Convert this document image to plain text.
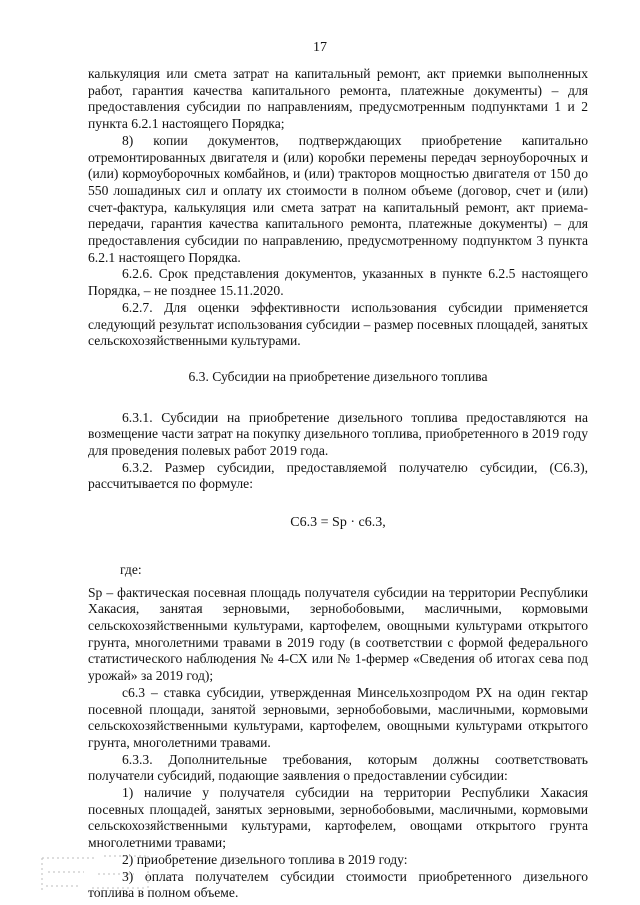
17

калькуляция или смета затрат на капитальный ремонт, акт приемки выполненных работ, гарантия качества капитального ремонта, платежные документы) – для предоставления субсидии по направлениям, предусмотренным подпунктами 1 и 2 пункта 6.2.1 настоящего Порядка;

8) копии документов, подтверждающих приобретение капитально отремонтированных двигателя и (или) коробки перемены передач зерноуборочных и (или) кормоуборочных комбайнов, и (или) тракторов мощностью двигателя от 150 до 550 лошадиных сил и оплату их стоимости в полном объеме (договор, счет и (или) счет-фактура, калькуляция или смета затрат на капитальный ремонт, акт приема-передачи, гарантия качества капитального ремонта, платежные документы) – для предоставления субсидии по направлению, предусмотренному подпунктом 3 пункта 6.2.1 настоящего Порядка.

6.2.6. Срок представления документов, указанных в пункте 6.2.5 настоящего Порядка, – не позднее 15.11.2020.

6.2.7. Для оценки эффективности использования субсидии применяется следующий результат использования субсидии – размер посевных площадей, занятых сельскохозяйственными культурами.

6.3. Субсидии на приобретение дизельного топлива

6.3.1. Субсидии на приобретение дизельного топлива предоставляются на возмещение части затрат на покупку дизельного топлива, приобретенного в 2019 году для проведения полевых работ 2019 года.

6.3.2. Размер субсидии, предоставляемой получателю субсидии, (С6.3), рассчитывается по формуле:

С6.3 = Sp · c6.3,

где:

Sp – фактическая посевная площадь получателя субсидии на территории Республики Хакасия, занятая зерновыми, зернобобовыми, масличными, кормовыми сельскохозяйственными культурами, картофелем, овощными культурами открытого грунта, многолетними травами в 2019 году (в соответствии с формой федерального статистического наблюдения № 4-СХ или № 1-фермер «Сведения об итогах сева под урожай» за 2019 год);

c6.3 – ставка субсидии, утвержденная Минсельхозпродом РХ на один гектар посевной площади, занятой зерновыми, зернобобовыми, масличными, кормовыми сельскохозяйственными культурами, картофелем, овощными культурами открытого грунта, многолетними травами.

6.3.3. Дополнительные требования, которым должны соответствовать получатели субсидий, подающие заявления о предоставлении субсидии:

1) наличие у получателя субсидии на территории Республики Хакасия посевных площадей, занятых зерновыми, зернобобовыми, масличными, кормовыми сельскохозяйственными культурами, картофелем, овощами открытого грунта многолетними травами;

2) приобретение дизельного топлива в 2019 году:

3) оплата получателем субсидии стоимости приобретенного дизельного топлива в полном объеме.
